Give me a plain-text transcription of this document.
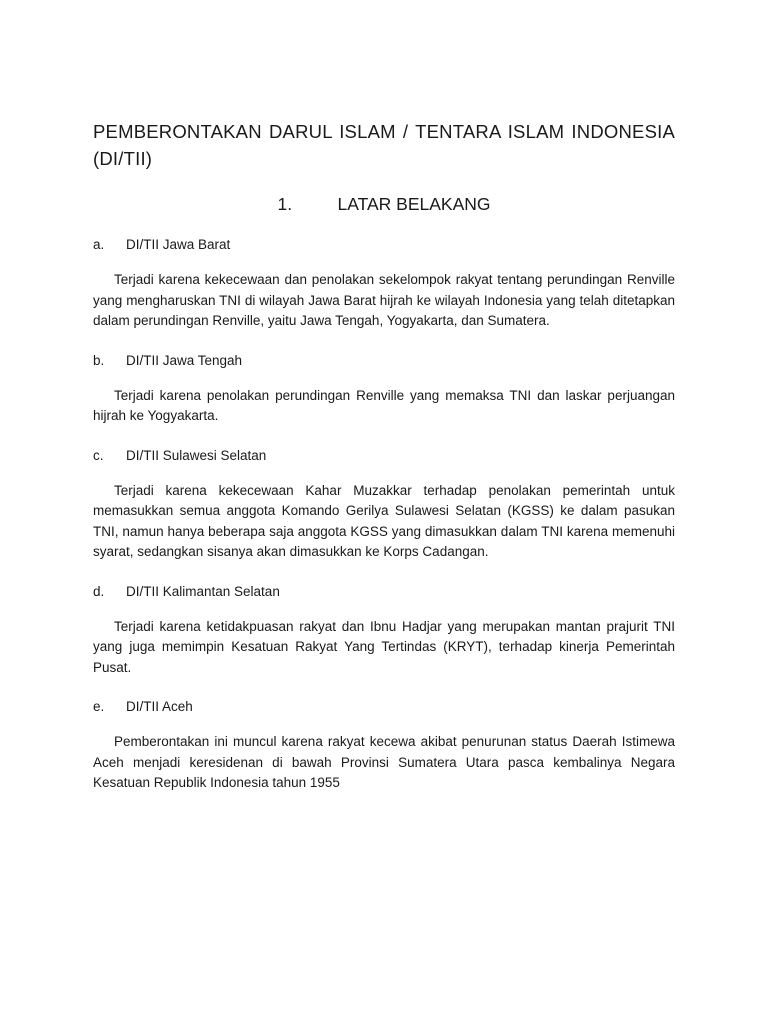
PEMBERONTAKAN DARUL ISLAM / TENTARA ISLAM INDONESIA (DI/TII)
1.	LATAR BELAKANG
a.	DI/TII Jawa Barat

Terjadi karena kekecewaan dan penolakan sekelompok rakyat tentang perundingan Renville yang mengharuskan TNI di wilayah Jawa Barat hijrah ke wilayah Indonesia yang telah ditetapkan dalam perundingan Renville, yaitu Jawa Tengah, Yogyakarta, dan Sumatera.

b.	DI/TII Jawa Tengah

Terjadi karena penolakan perundingan Renville yang memaksa TNI dan laskar perjuangan hijrah ke Yogyakarta.

c.	DI/TII Sulawesi Selatan

Terjadi karena kekecewaan Kahar Muzakkar terhadap penolakan pemerintah untuk memasukkan semua anggota Komando Gerilya Sulawesi Selatan (KGSS) ke dalam pasukan TNI, namun hanya beberapa saja anggota KGSS yang dimasukkan dalam TNI karena memenuhi syarat, sedangkan sisanya akan dimasukkan ke Korps Cadangan.

d.	DI/TII Kalimantan Selatan

Terjadi karena ketidakpuasan rakyat dan Ibnu Hadjar yang merupakan mantan prajurit TNI yang juga memimpin Kesatuan Rakyat Yang Tertindas (KRYT), terhadap kinerja Pemerintah Pusat.

e.	DI/TII Aceh

Pemberontakan ini muncul karena rakyat kecewa akibat penurunan status Daerah Istimewa Aceh menjadi keresidenan di bawah Provinsi Sumatera Utara pasca kembalinya Negara Kesatuan Republik Indonesia tahun 1955
